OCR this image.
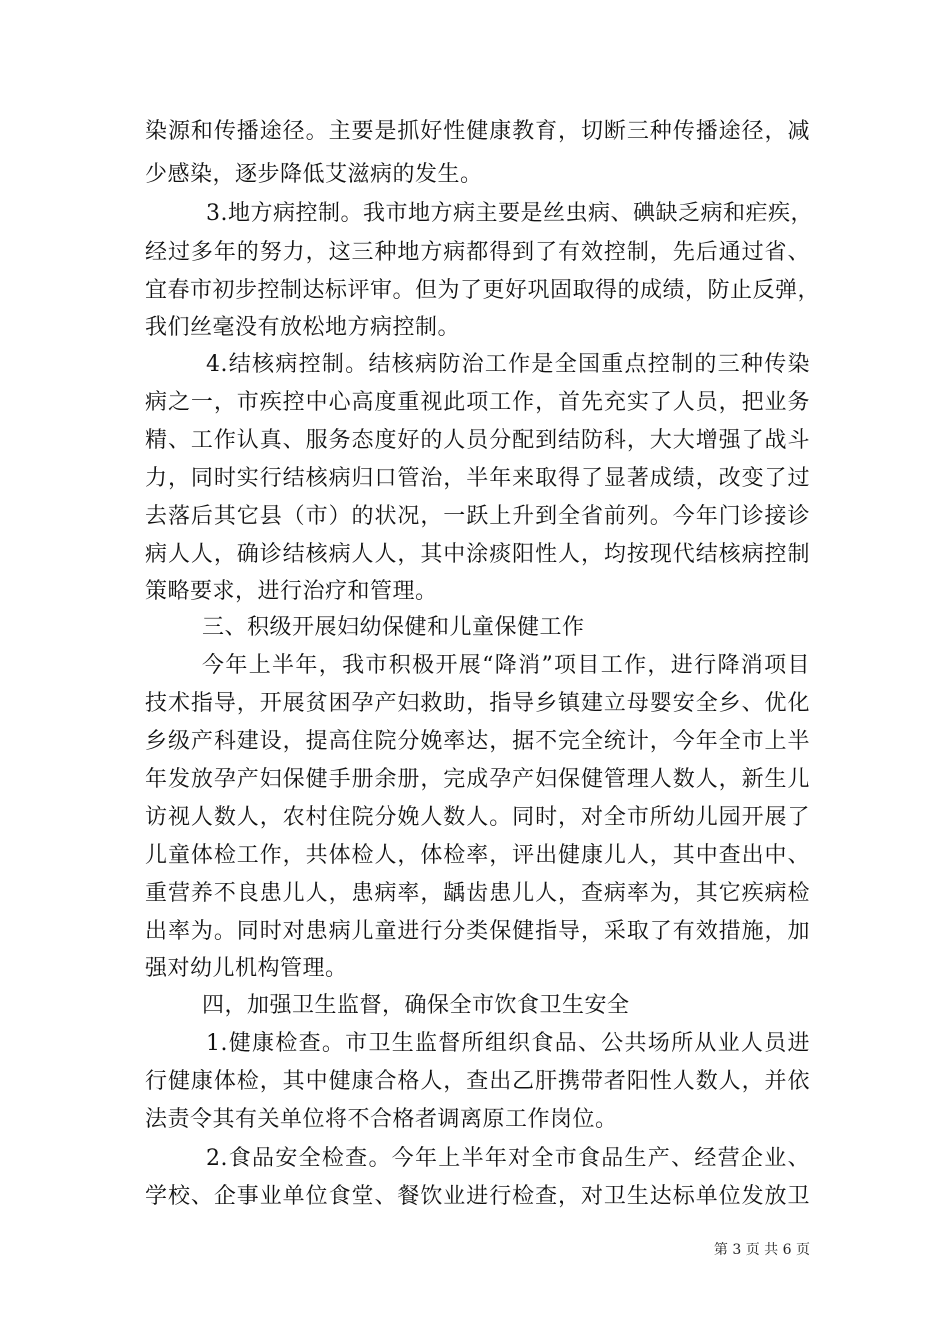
染源和传播途径。主要是抓好性健康教育，切断三种传播途径，减
少感染，逐步降低艾滋病的发生。
3.地方病控制。我市地方病主要是丝虫病、碘缺乏病和疟疾，
经过多年的努力，这三种地方病都得到了有效控制，先后通过省、
宜春市初步控制达标评审。但为了更好巩固取得的成绩，防止反弹，
我们丝毫没有放松地方病控制。
4.结核病控制。结核病防治工作是全国重点控制的三种传染
病之一，市疾控中心高度重视此项工作，首先充实了人员，把业务
精、工作认真、服务态度好的人员分配到结防科，大大增强了战斗
力，同时实行结核病归口管治，半年来取得了显著成绩，改变了过
去落后其它县（市）的状况，一跃上升到全省前列。今年门诊接诊
病人人，确诊结核病人人，其中涂痰阳性人，均按现代结核病控制
策略要求，进行治疗和管理。
三、积级开展妇幼保健和儿童保健工作
今年上半年，我市积极开展“降消”项目工作，进行降消项目
技术指导，开展贫困孕产妇救助，指导乡镇建立母婴安全乡、优化
乡级产科建设，提高住院分娩率达，据不完全统计，今年全市上半
年发放孕产妇保健手册余册，完成孕产妇保健管理人数人，新生儿
访视人数人，农村住院分娩人数人。同时，对全市所幼儿园开展了
儿童体检工作，共体检人，体检率，评出健康儿人，其中查出中、
重营养不良患儿人，患病率，龋齿患儿人，查病率为，其它疾病检
出率为。同时对患病儿童进行分类保健指导，采取了有效措施，加
强对幼儿机构管理。
四，加强卫生监督，确保全市饮食卫生安全
1.健康检查。市卫生监督所组织食品、公共场所从业人员进
行健康体检，其中健康合格人，查出乙肝携带者阳性人数人，并依
法责令其有关单位将不合格者调离原工作岗位。
2.食品安全检查。今年上半年对全市食品生产、经营企业、
学校、企事业单位食堂、餐饮业进行检查，对卫生达标单位发放卫
第 3 页 共 6 页
